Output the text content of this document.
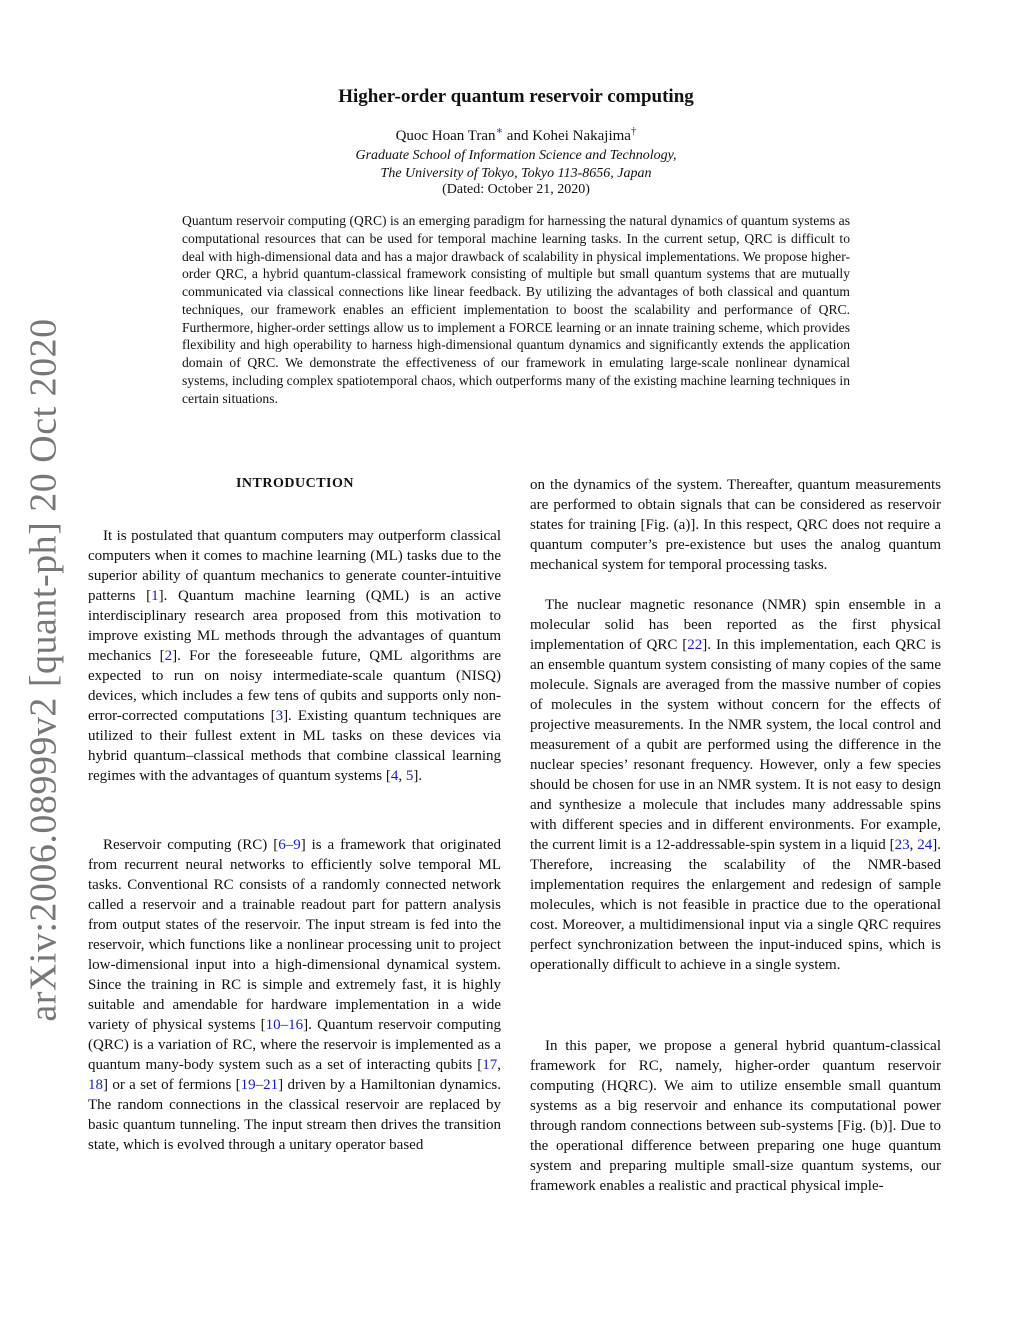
arXiv:2006.08999v2 [quant-ph] 20 Oct 2020
Higher-order quantum reservoir computing
Quoc Hoan Tran∗ and Kohei Nakajima†
Graduate School of Information Science and Technology,
The University of Tokyo, Tokyo 113-8656, Japan
(Dated: October 21, 2020)

Quantum reservoir computing (QRC) is an emerging paradigm for harnessing the natural dynamics of quantum systems as computational resources that can be used for temporal machine learning tasks. In the current setup, QRC is difficult to deal with high-dimensional data and has a major drawback of scalability in physical implementations. We propose higher-order QRC, a hybrid quantum-classical framework consisting of multiple but small quantum systems that are mutually communicated via classical connections like linear feedback. By utilizing the advantages of both classical and quantum techniques, our framework enables an efficient implementation to boost the scalability and performance of QRC. Furthermore, higher-order settings allow us to implement a FORCE learning or an innate training scheme, which provides flexibility and high operability to harness high-dimensional quantum dynamics and significantly extends the application domain of QRC. We demonstrate the effectiveness of our framework in emulating large-scale nonlinear dynamical systems, including complex spatiotemporal chaos, which outperforms many of the existing machine learning techniques in certain situations.

INTRODUCTION

It is postulated that quantum computers may outperform classical computers when it comes to machine learning (ML) tasks due to the superior ability of quantum mechanics to generate counter-intuitive patterns [1]. Quantum machine learning (QML) is an active interdisciplinary research area proposed from this motivation to improve existing ML methods through the advantages of quantum mechanics [2]. For the foreseeable future, QML algorithms are expected to run on noisy intermediate-scale quantum (NISQ) devices, which includes a few tens of qubits and supports only non-error-corrected computations [3]. Existing quantum techniques are utilized to their fullest extent in ML tasks on these devices via hybrid quantum–classical methods that combine classical learning regimes with the advantages of quantum systems [4, 5].

Reservoir computing (RC) [6–9] is a framework that originated from recurrent neural networks to efficiently solve temporal ML tasks. Conventional RC consists of a randomly connected network called a reservoir and a trainable readout part for pattern analysis from output states of the reservoir. The input stream is fed into the reservoir, which functions like a nonlinear processing unit to project low-dimensional input into a high-dimensional dynamical system. Since the training in RC is simple and extremely fast, it is highly suitable and amendable for hardware implementation in a wide variety of physical systems [10–16]. Quantum reservoir computing (QRC) is a variation of RC, where the reservoir is implemented as a quantum many-body system such as a set of interacting qubits [17, 18] or a set of fermions [19–21] driven by a Hamiltonian dynamics. The random connections in the classical reservoir are replaced by basic quantum tunneling. The input stream then drives the transition state, which is evolved through a unitary operator based

on the dynamics of the system. Thereafter, quantum measurements are performed to obtain signals that can be considered as reservoir states for training [Fig. (a)]. In this respect, QRC does not require a quantum computer’s pre-existence but uses the analog quantum mechanical system for temporal processing tasks.

The nuclear magnetic resonance (NMR) spin ensemble in a molecular solid has been reported as the first physical implementation of QRC [22]. In this implementation, each QRC is an ensemble quantum system consisting of many copies of the same molecule. Signals are averaged from the massive number of copies of molecules in the system without concern for the effects of projective measurements. In the NMR system, the local control and measurement of a qubit are performed using the difference in the nuclear species’ resonant frequency. However, only a few species should be chosen for use in an NMR system. It is not easy to design and synthesize a molecule that includes many addressable spins with different species and in different environments. For example, the current limit is a 12-addressable-spin system in a liquid [23, 24]. Therefore, increasing the scalability of the NMR-based implementation requires the enlargement and redesign of sample molecules, which is not feasible in practice due to the operational cost. Moreover, a multidimensional input via a single QRC requires perfect synchronization between the input-induced spins, which is operationally difficult to achieve in a single system.

In this paper, we propose a general hybrid quantum-classical framework for RC, namely, higher-order quantum reservoir computing (HQRC). We aim to utilize ensemble small quantum systems as a big reservoir and enhance its computational power through random connections between sub-systems [Fig. (b)]. Due to the operational difference between preparing one huge quantum system and preparing multiple small-size quantum systems, our framework enables a realistic and practical physical imple-
